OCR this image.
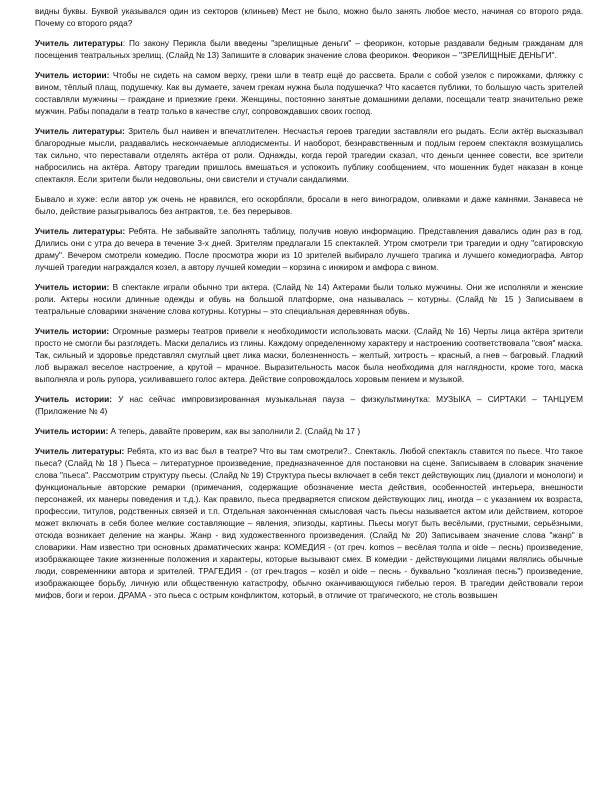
видны буквы. Буквой указывался один из секторов (клиньев) Мест не было, можно было занять любое место, начиная со второго ряда. Почему со второго ряда?

Учитель литературы: По закону Перикла были введены "зрелищные деньги" – феорикон, которые раздавали бедным гражданам для посещения театральных зрелищ. (Слайд № 13) Запишите в словарик значение слова феорикон. Феорикон – "ЗРЕЛИЩНЫЕ ДЕНЬГИ".

Учитель истории: Чтобы не сидеть на самом верху, греки шли в театр ещё до рассвета. Брали с собой узелок с пирожками, фляжку с вином, тёплый плащ, подушечку. Как вы думаете, зачем грекам нужна была подушечка? Что касается публики, то большую часть зрителей составляли мужчины – граждане и приезжие греки. Женщины, постоянно занятые домашними делами, посещали театр значительно реже мужчин. Рабы попадали в театр только в качестве слуг, сопровождавших своих господ.

Учитель литературы: Зритель был наивен и впечатлителен. Несчастья героев трагедии заставляли его рыдать. Если актёр высказывал благородные мысли, раздавались нескончаемые аплодисменты. И наоборот, безнравственным и подлым героем спектакля возмущались так сильно, что переставали отделять актёра от роли. Однажды, когда герой трагедии сказал, что деньги ценнее совести, все зрители набросились на актёра. Автору трагедии пришлось вмешаться и успокоить публику сообщением, что мошенник будет наказан в конце спектакля. Если зрители были недовольны, они свистели и стучали сандалиями.

Бывало и хуже: если автор уж очень не нравился, его оскорбляли, бросали в него виноградом, оливками и даже камнями. Занавеса не было, действие разыгрывалось без антрактов, т.е. без перерывов.

Учитель литературы: Ребята. Не забывайте заполнять таблицу, получив новую информацию. Представления давались один раз в год. Длились они с утра до вечера в течение 3-х дней. Зрителям предлагали 15 спектаклей. Утром смотрели три трагедии и одну "сатировскую драму". Вечером смотрели комедию. После просмотра жюри из 10 зрителей выбирало лучшего трагика и лучшего комедиографа. Автор лучшей трагедии награждался козел, а автору лучшей комедии – корзина с инжиром и амфора с вином.

Учитель истории: В спектакле играли обычно три актера. (Слайд № 14) Актерами были только мужчины. Они же исполняли и женские роли. Актеры носили длинные одежды и обувь на большой платформе, она называлась – котурны. (Слайд № 15 ) Записываем в театральные словарики значение слова котурны. Котурны – это специальная деревянная обувь.

Учитель истории: Огромные размеры театров привели к необходимости использовать маски. (Слайд № 16) Черты лица актёра зрители просто не смогли бы разглядеть. Маски делались из глины. Каждому определенному характеру и настроению соответствовала "своя" маска. Так, сильный и здоровье представлял смуглый цвет лика маски, болезненность – желтый, хитрость – красный, а гнев – багровый. Гладкий лоб выражал веселое настроение, а крутой – мрачное. Выразительность масок была необходима для наглядности, кроме того, маска выполняла и роль рупора, усиливавшего голос актера. Действие сопровождалось хоровым пением и музыкой.

Учитель истории: У нас сейчас импровизированная музыкальная пауза – физкультминутка: МУЗЫКА – СИРТАКИ – ТАНЦУЕМ (Приложение № 4)

Учитель истории: А теперь, давайте проверим, как вы заполнили 2. (Слайд № 17 )

Учитель литературы: Ребята, кто из вас был в театре? Что вы там смотрели?.. Спектакль. Любой спектакль ставится по пьесе. Что такое пьеса? (Слайд № 18 ) Пьеса – литературное произведение, предназначенное для постановки на сцене. Записываем в словарик значение слова "пьеса". Рассмотрим структуру пьесы. (Слайд № 19) Структура пьесы включает в себя текст действующих лиц (диалоги и монологи) и функциональные авторские ремарки (примечания, содержащие обозначение места действия, особенностей интерьера, внешности персонажей, их манеры поведения и т.д.). Как правило, пьеса предваряется списком действующих лиц, иногда – с указанием их возраста, профессии, титулов, родственных связей и т.п. Отдельная законченная смысловая часть пьесы называется актом или действием, которое может включать в себя более мелкие составляющие – явления, эпизоды, картины. Пьесы могут быть весёлыми, грустными, серьёзными, отсюда возникает деление на жанры. Жанр - вид художественного произведения. (Слайд № 20) Записываем значение слова "жанр" в словарики. Нам известно три основных драматических жанра: КОМЕДИЯ - (от греч. komos – весёлая толпа и oide – песнь) произведение, изображающее такие жизненные положения и характеры, которые вызывают смех. В комедии - действующими лицами являлись обычные люди, современники автора и зрителей. ТРАГЕДИЯ - (от греч.tragos – козёл и oide – песнь - буквально "козлиная песнь") произведение, изображающее борьбу, личную или общественную катастрофу, обычно оканчивающуюся гибелью героя. В трагедии действовали герои мифов, боги и герои. ДРАМА - это пьеса с острым конфликтом, который, в отличие от трагического, не столь возвышен
